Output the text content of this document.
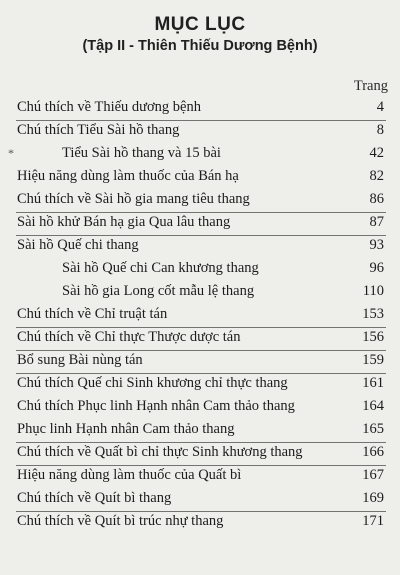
MỤC LỤC
(Tập II - Thiên Thiếu Dương Bệnh)
Trang
Chú thích về Thiếu dương bệnh	4
Chú thích Tiểu Sài hồ thang	8
*	Tiểu Sài hồ thang và 15 bài	42
Hiệu năng dùng làm thuốc của Bán hạ	82
Chú thích về Sài hồ gia mang tiêu thang	86
Sài hồ khử Bán hạ gia Qua lâu thang	87
Sài hồ Quế chi thang	93
Sài hồ Quế chi Can khương thang	96
Sài hồ gia Long cốt mẫu lệ thang	110
Chú thích về Chỉ truật tán	153
Chú thích về Chỉ thực Thược dược tán	156
Bổ sung Bài nùng tán	159
Chú thích Quế chi Sinh khương chỉ thực thang	161
Chú thích Phục linh Hạnh nhân Cam thảo thang	164
Phục linh Hạnh nhân Cam thảo thang	165
Chú thích về Quất bì chỉ thực Sinh khương thang	166
Hiệu năng dùng làm thuốc của Quất bì	167
Chú thích về Quít bì thang	169
Chú thích về Quít bì trúc nhự thang	171
